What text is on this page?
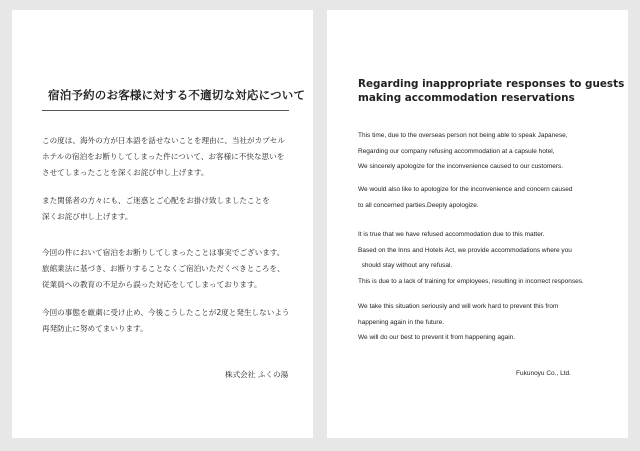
宿泊予約のお客様に対する不適切な対応について
この度は、海外の方が日本語を話せないことを理由に、当社がカプセル
ホテルの宿泊をお断りしてしまった件について、お客様に不快な思いを
させてしまったことを深くお詫び申し上げます。
また関係者の方々にも、ご迷惑とご心配をお掛け致しましたことを
深くお詫び申し上げます。
今回の件において宿泊をお断りしてしまったことは事実でございます。
旅館業法に基づき、お断りすることなくご宿泊いただくべきところを、
従業員への教育の不足から誤った対応をしてしまっております。
今回の事態を厳粛に受け止め、今後こうしたことが2度と発生しないよう
再発防止に努めてまいります。
株式会社 ふくの湯
Regarding inappropriate responses to guests
making accommodation reservations
This time, due to the overseas person not being able to speak Japanese,
Regarding our company refusing accommodation at a capsule hotel,
We sincerely apologize for the inconvenience caused to our customers.
We would also like to apologize for the inconvenience and concern caused
to all concerned parties.Deeply apologize.
It is true that we have refused accommodation due to this matter.
Based on the Inns and Hotels Act, we provide accommodations where you
should stay without any refusal.
This is due to a lack of training for employees, resulting in incorrect responses.
We take this situation seriously and will work hard to prevent this from
happening again in the future.
We will do our best to prevent it from happening again.
Fukunoyu Co., Ltd.
